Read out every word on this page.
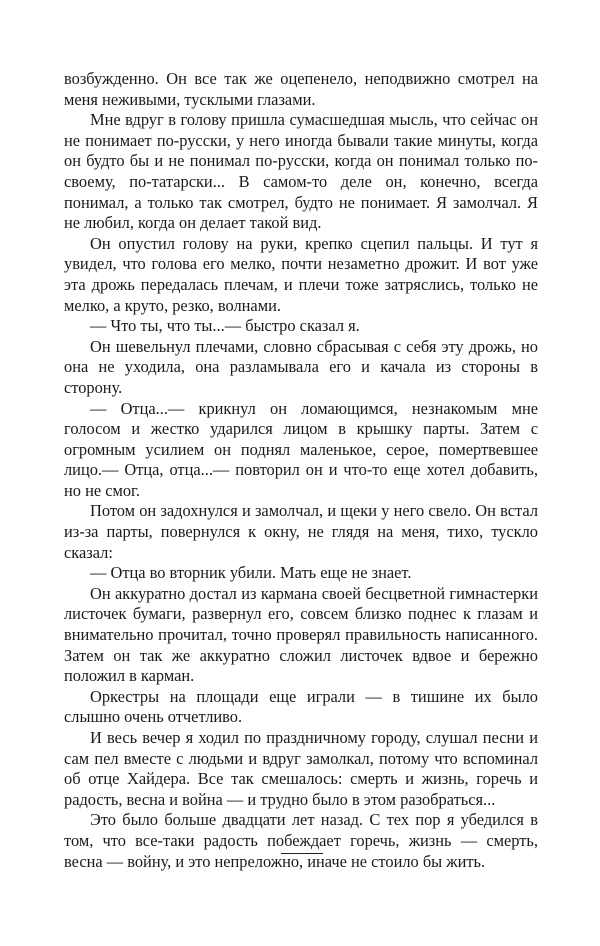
возбужденно. Он все так же оцепенело, неподвижно смотрел на меня неживыми, тусклыми глазами.

Мне вдруг в голову пришла сумасшедшая мысль, что сейчас он не понимает по-русски, у него иногда бывали такие минуты, когда он будто бы и не понимал по-русски, когда он понимал только по-своему, по-татарски... В самом-то деле он, конечно, всегда понимал, а только так смотрел, будто не понимает. Я замолчал. Я не любил, когда он делает такой вид.

Он опустил голову на руки, крепко сцепил пальцы. И тут я увидел, что голова его мелко, почти незаметно дрожит. И вот уже эта дрожь передалась плечам, и плечи тоже затряслись, только не мелко, а круто, резко, волнами.

— Что ты, что ты...— быстро сказал я.

Он шевельнул плечами, словно сбрасывая с себя эту дрожь, но она не уходила, она разламывала его и качала из стороны в сторону.

— Отца...— крикнул он ломающимся, незнакомым мне голосом и жестко ударился лицом в крышку парты. Затем с огромным усилием он поднял маленькое, серое, помертвевшее лицо.— Отца, отца...— повторил он и что-то еще хотел добавить, но не смог.

Потом он задохнулся и замолчал, и щеки у него свело. Он встал из-за парты, повернулся к окну, не глядя на меня, тихо, тускло сказал:

— Отца во вторник убили. Мать еще не знает.

Он аккуратно достал из кармана своей бесцветной гимнастерки листочек бумаги, развернул его, совсем близко поднес к глазам и внимательно прочитал, точно проверял правильность написанного. Затем он так же аккуратно сложил листочек вдвое и бережно положил в карман.

Оркестры на площади еще играли — в тишине их было слышно очень отчетливо.

И весь вечер я ходил по праздничному городу, слушал песни и сам пел вместе с людьми и вдруг замолкал, потому что вспоминал об отце Хайдера. Все так смешалось: смерть и жизнь, горечь и радость, весна и война — и трудно было в этом разобраться...

Это было больше двадцати лет назад. С тех пор я убедился в том, что все-таки радость побеждает горечь, жизнь — смерть, весна — войну, и это непреложно, иначе не стоило бы жить.
